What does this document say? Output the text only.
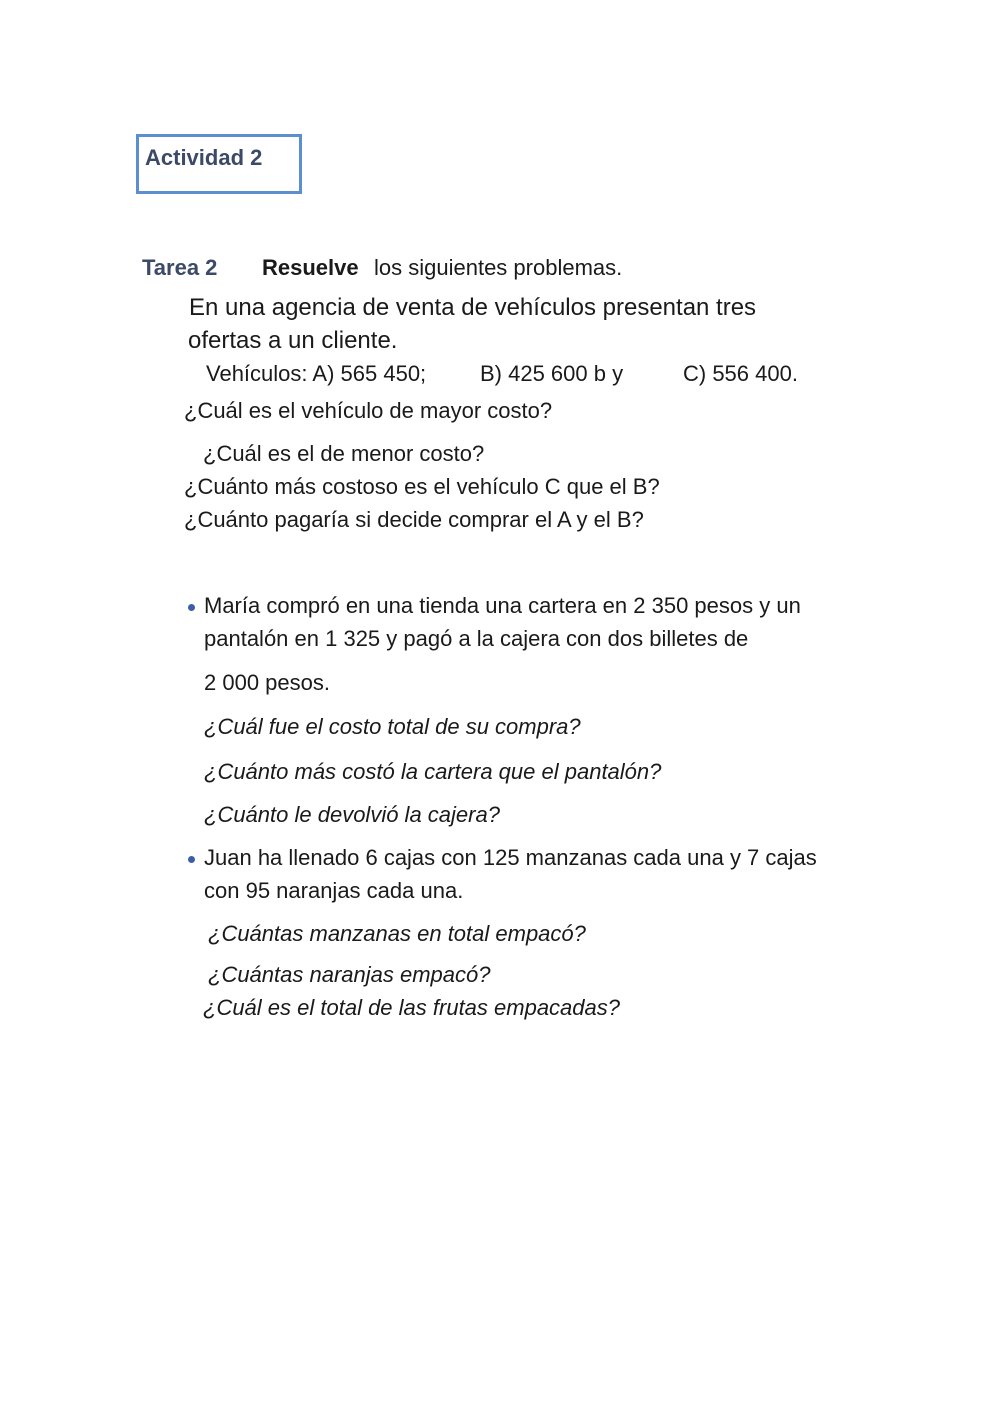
Actividad 2
Tarea 2 Resuelve los siguientes problemas.
En una agencia de venta de vehículos presentan tres
ofertas a un cliente.
Vehículos: A) 565 450; B) 425 600 b y	C) 556 400.
¿Cuál es el vehículo de mayor costo?
¿Cuál es el de menor costo?
¿Cuánto más costoso es el vehículo C que el B?
¿Cuánto pagaría si decide comprar el A y el B?
María compró en una tienda una cartera en 2 350 pesos y un
pantalón en 1 325 y pagó a la cajera con dos billetes de
2 000 pesos.
¿Cuál fue el costo total de su compra?
¿Cuánto más costó la cartera que el pantalón?
¿Cuánto le devolvió la cajera?
Juan ha llenado 6 cajas con 125 manzanas cada una y 7 cajas
con 95 naranjas cada una.
¿Cuántas manzanas en total empacó?
¿Cuántas naranjas empacó?
¿Cuál es el total de las frutas empacadas?
